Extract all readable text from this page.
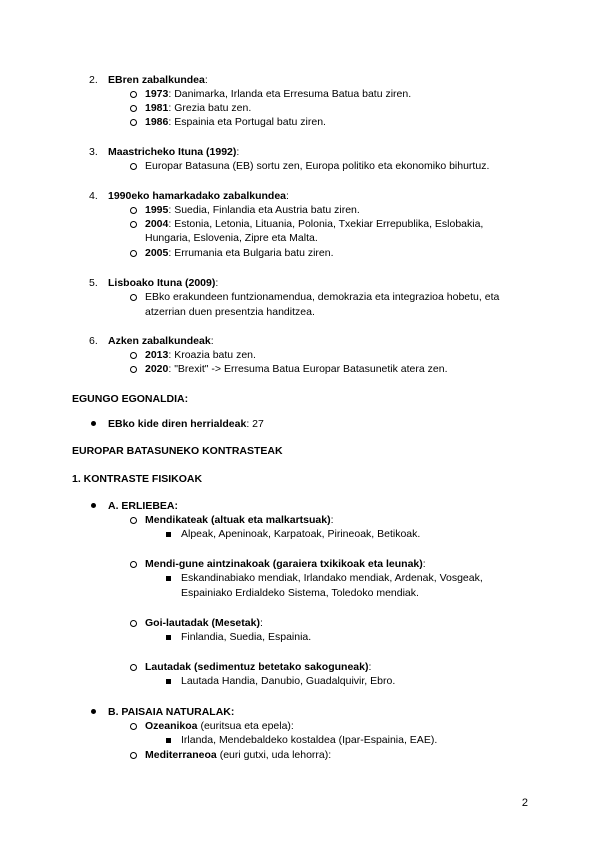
2. EBren zabalkundea:
1973: Danimarka, Irlanda eta Erresuma Batua batu ziren.
1981: Grezia batu zen.
1986: Espainia eta Portugal batu ziren.
3. Maastricheko Ituna (1992):
Europar Batasuna (EB) sortu zen, Europa politiko eta ekonomiko bihurtuz.
4. 1990eko hamarkadako zabalkundea:
1995: Suedia, Finlandia eta Austria batu ziren.
2004: Estonia, Letonia, Lituania, Polonia, Txekiar Errepublika, Eslobakia,
Hungaria, Eslovenia, Zipre eta Malta.
2005: Errumania eta Bulgaria batu ziren.
5. Lisboako Ituna (2009):
EBko erakundeen funtzionamendua, demokrazia eta integrazioa hobetu, eta
atzerrian duen presentzia handitzea.
6. Azken zabalkundeak:
2013: Kroazia batu zen.
2020: "Brexit" -> Erresuma Batua Europar Batasunetik atera zen.
EGUNGO EGONALDIA:
EBko kide diren herrialdeak: 27
EUROPAR BATASUNEKO KONTRASTEAK
1. KONTRASTE FISIKOAK
A. ERLIEBEA:
Mendikateak (altuak eta malkartsuak):
Alpeak, Apeninoak, Karpatoak, Pirineoak, Betikoak.
Mendi-gune aintzinakoak (garaiera txikikoak eta leunak):
Eskandinabiako mendiak, Irlandako mendiak, Ardenak, Vosgeak,
Espainiako Erdialdeko Sistema, Toledoko mendiak.
Goi-lautadak (Mesetak):
Finlandia, Suedia, Espainia.
Lautadak (sedimentuz betetako sakoguneak):
Lautada Handia, Danubio, Guadalquivir, Ebro.
B. PAISAIA NATURALAK:
Ozeanikoa (euritsua eta epela):
Irlanda, Mendebaldeko kostaldea (Ipar-Espainia, EAE).
Mediterraneoa (euri gutxi, uda lehorra):
2
